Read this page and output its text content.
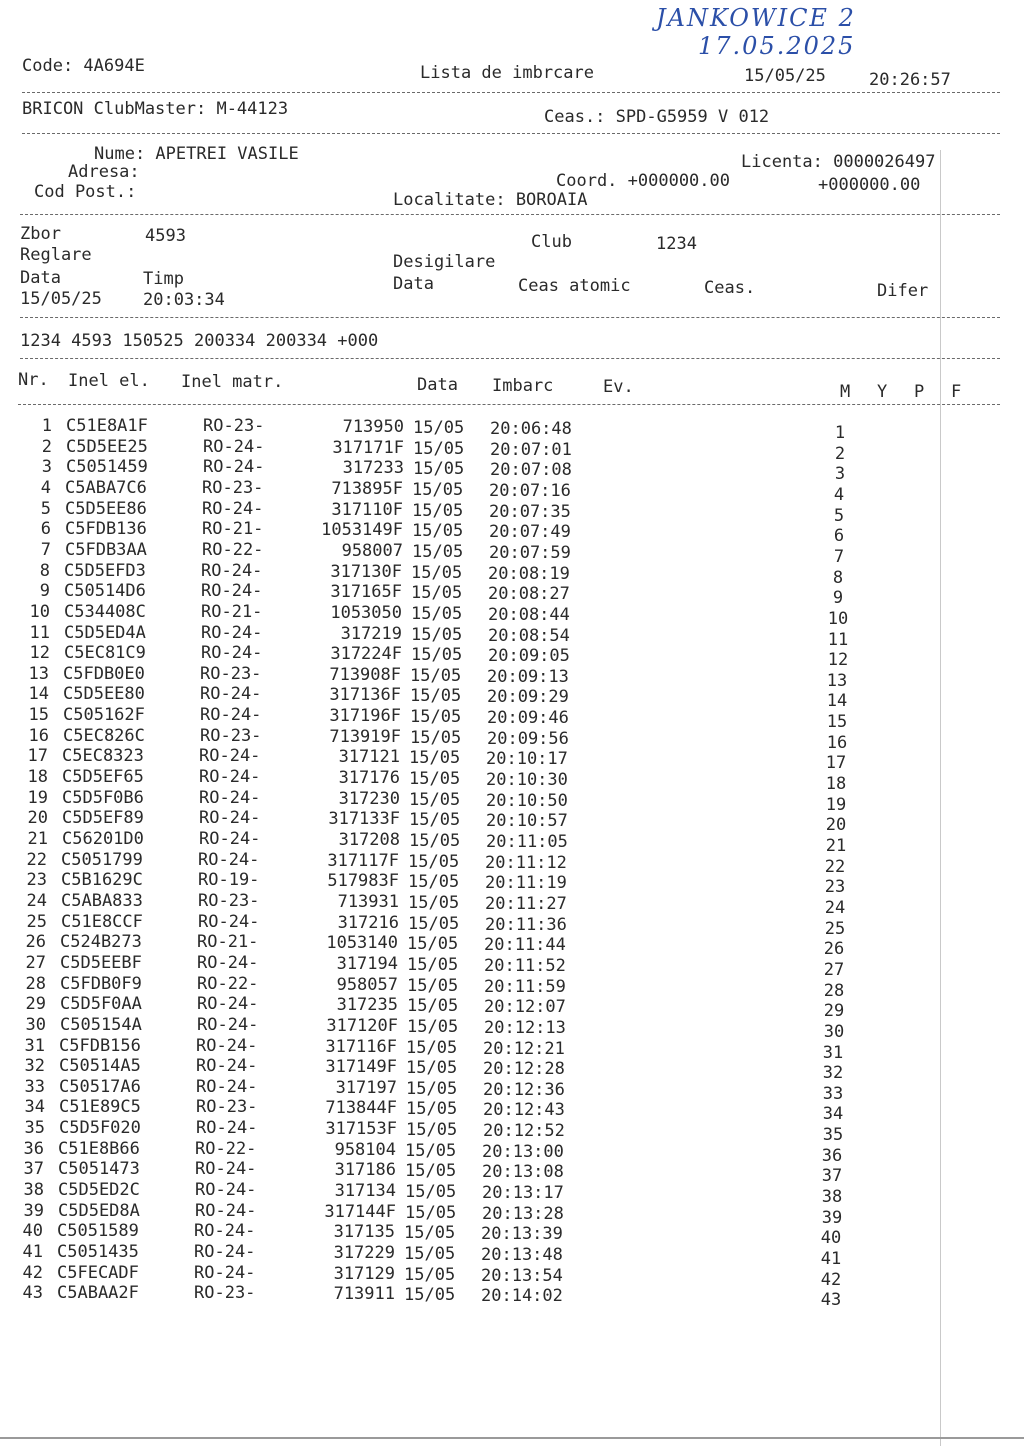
JANKOWICE 2
17.05.2025
Code: 4A694E	Lista de imbrcare	15/05/25	20:26:57
BRICON ClubMaster: M-44123	Ceas.: SPD-G5959 V 012
Nume: APETREI VASILE	Licenta: 0000026497
Adresa:	Coord. +000000.00	+000000.00
Cod Post.:	Localitate: BOROAIA
Zbor	4593	Club	1234
Reglare	Desigilare
Data	Timp	Data	Ceas atomic	Ceas.	Difer
15/05/25 20:03:34
1234 4593 150525 200334 200334 +000
Nr. Inel el. Inel matr.	Data Imbarc	Ev.	M Y P F
1 C51E8A1F	RO-23-	713950 15/05 20:06:48	1
2 C5D5EE25	RO-24-	317171F 15/05 20:07:01	2
3 C5051459	RO-24-	317233 15/05 20:07:08	3
4 C5ABA7C6	RO-23-	713895F 15/05 20:07:16	4
5 C5D5EE86	RO-24-	317110F 15/05 20:07:35	5
6 C5FDB136	RO-21-	1053149F 15/05 20:07:49	6
7 C5FDB3AA	RO-22-	958007 15/05 20:07:59	7
8 C5D5EFD3	RO-24-	317130F 15/05 20:08:19	8
9 C50514D6	RO-24-	317165F 15/05 20:08:27	9
10 C534408C	RO-21-	1053050 15/05 20:08:44	10
11 C5D5ED4A	RO-24-	317219 15/05 20:08:54	11
12 C5EC81C9	RO-24-	317224F 15/05 20:09:05	12
13 C5FDB0E0	RO-23-	713908F 15/05 20:09:13	13
14 C5D5EE80	RO-24-	317136F 15/05 20:09:29	14
15 C505162F	RO-24-	317196F 15/05 20:09:46	15
16 C5EC826C	RO-23-	713919F 15/05 20:09:56	16
17 C5EC8323	RO-24-	317121 15/05 20:10:17	17
18 C5D5EF65	RO-24-	317176 15/05 20:10:30	18
19 C5D5F0B6	RO-24-	317230 15/05 20:10:50	19
20 C5D5EF89	RO-24-	317133F 15/05 20:10:57	20
21 C56201D0	RO-24-	317208 15/05 20:11:05	21
22 C5051799	RO-24-	317117F 15/05 20:11:12	22
23 C5B1629C	RO-19-	517983F 15/05 20:11:19	23
24 C5ABA833	RO-23-	713931 15/05 20:11:27	24
25 C51E8CCF	RO-24-	317216 15/05 20:11:36	25
26 C524B273	RO-21-	1053140 15/05 20:11:44	26
27 C5D5EEBF	RO-24-	317194 15/05 20:11:52	27
28 C5FDB0F9	RO-22-	958057 15/05 20:11:59	28
29 C5D5F0AA	RO-24-	317235 15/05 20:12:07	29
30 C505154A	RO-24-	317120F 15/05 20:12:13	30
31 C5FDB156	RO-24-	317116F 15/05 20:12:21	31
32 C50514A5	RO-24-	317149F 15/05 20:12:28	32
33 C50517A6	RO-24-	317197 15/05 20:12:36	33
34 C51E89C5	RO-23-	713844F 15/05 20:12:43	34
35 C5D5F020	RO-24-	317153F 15/05 20:12:52	35
36 C51E8B66	RO-22-	958104 15/05 20:13:00	36
37 C5051473	RO-24-	317186 15/05 20:13:08	37
38 C5D5ED2C	RO-24-	317134 15/05 20:13:17	38
39 C5D5ED8A	RO-24-	317144F 15/05 20:13:28	39
40 C5051589	RO-24-	317135 15/05 20:13:39	40
41 C5051435	RO-24-	317229 15/05 20:13:48	41
42 C5FECADF	RO-24-	317129 15/05 20:13:54	42
43 C5ABAA2F	RO-23-	713911 15/05 20:14:02	43
